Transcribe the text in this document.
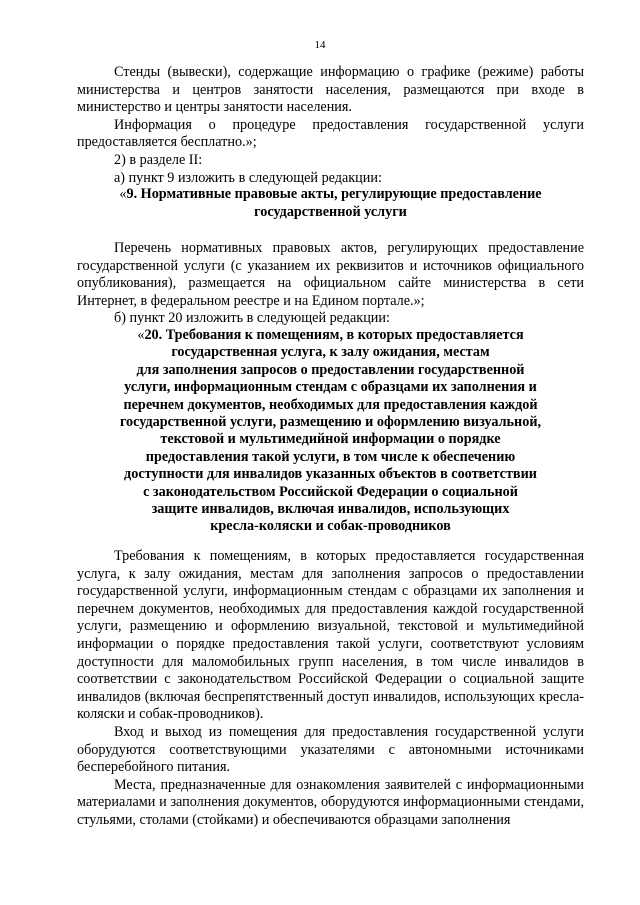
14

Стенды (вывески), содержащие информацию о графике (режиме) работы министерства и центров занятости населения, размещаются при входе в министерство и центры занятости населения.

Информация о процедуре предоставления государственной услуги предоставляется бесплатно.»;

2) в разделе II:

а) пункт 9 изложить в следующей редакции:

«9. Нормативные правовые акты, регулирующие предоставление
государственной услуги

Перечень нормативных правовых актов, регулирующих предоставление государственной услуги (с указанием их реквизитов и источников официального опубликования), размещается на официальном сайте министерства в сети Интернет, в федеральном реестре и на Едином портале.»;

б) пункт 20 изложить в следующей редакции:

«20. Требования к помещениям, в которых предоставляется
государственная услуга, к залу ожидания, местам
для заполнения запросов о предоставлении государственной
услуги, информационным стендам с образцами их заполнения и
перечнем документов, необходимых для предоставления каждой
государственной услуги, размещению и оформлению визуальной,
текстовой и мультимедийной информации о порядке
предоставления такой услуги, в том числе к обеспечению
доступности для инвалидов указанных объектов в соответствии
с законодательством Российской Федерации о социальной
защите инвалидов, включая инвалидов, использующих
кресла-коляски и собак-проводников

Требования к помещениям, в которых предоставляется государственная услуга, к залу ожидания, местам для заполнения запросов о предоставлении государственной услуги, информационным стендам с образцами их заполнения и перечнем документов, необходимых для предоставления каждой государственной услуги, размещению и оформлению визуальной, текстовой и мультимедийной информации о порядке предоставления такой услуги, соответствуют условиям доступности для маломобильных групп населения, в том числе инвалидов в соответствии с законодательством Российской Федерации о социальной защите инвалидов (включая беспрепятственный доступ инвалидов, использующих кресла-коляски и собак-проводников).

Вход и выход из помещения для предоставления государственной услуги оборудуются соответствующими указателями с автономными источниками бесперебойного питания.

Места, предназначенные для ознакомления заявителей с информационными материалами и заполнения документов, оборудуются информационными стендами, стульями, столами (стойками) и обеспечиваются образцами заполнения
